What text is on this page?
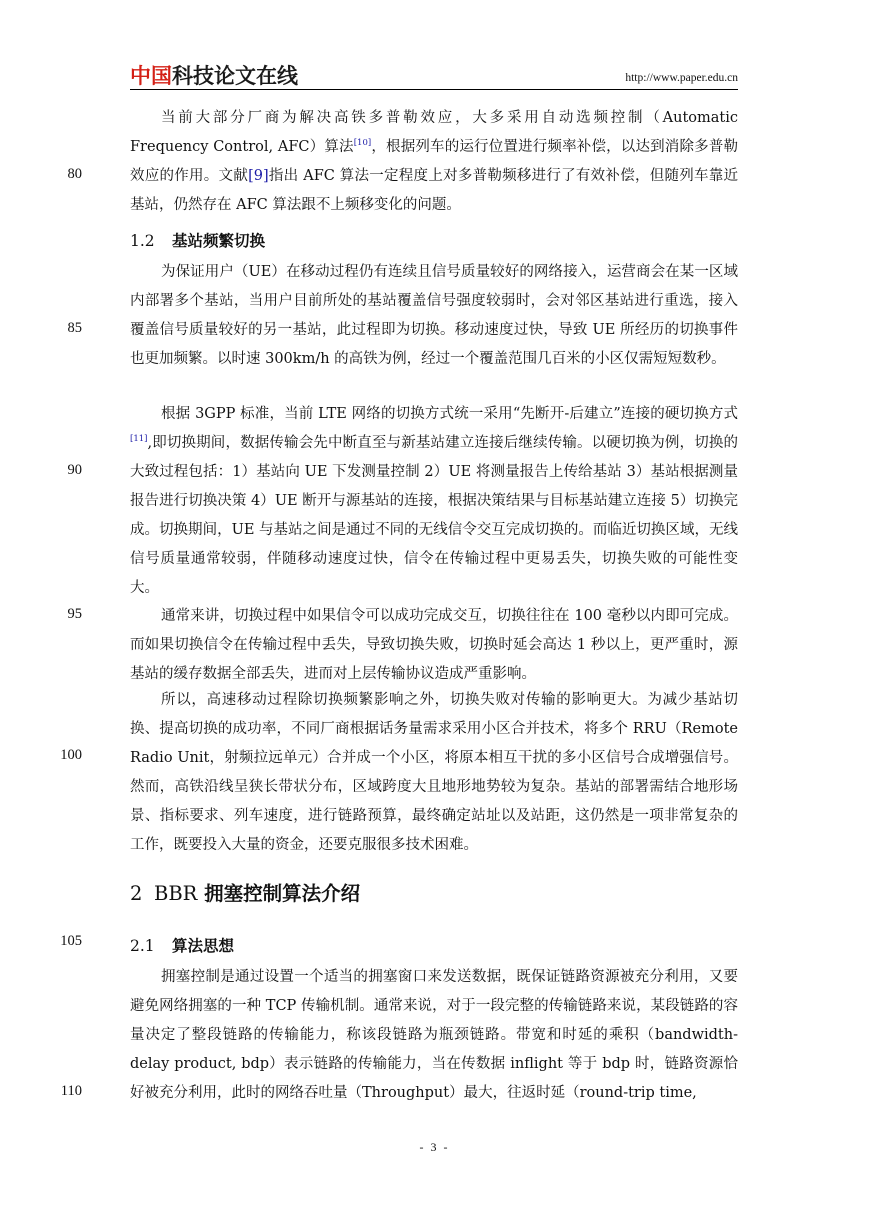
中国科技论文在线	http://www.paper.edu.cn

当前大部分厂商为解决高铁多普勒效应，大多采用自动选频控制（Automatic Frequency Control, AFC）算法[10]，根据列车的运行位置进行频率补偿，以达到消除多普勒效应的作用。文献[9]指出 AFC 算法一定程度上对多普勒频移进行了有效补偿，但随列车靠近基站，仍然存在 AFC 算法跟不上频移变化的问题。

1.2 基站频繁切换

为保证用户（UE）在移动过程仍有连续且信号质量较好的网络接入，运营商会在某一区域内部署多个基站，当用户目前所处的基站覆盖信号强度较弱时，会对邻区基站进行重选，接入覆盖信号质量较好的另一基站，此过程即为切换。移动速度过快，导致 UE 所经历的切换事件也更加频繁。以时速 300km/h 的高铁为例，经过一个覆盖范围几百米的小区仅需短短数秒。

根据 3GPP 标准，当前 LTE 网络的切换方式统一采用“先断开-后建立”连接的硬切换方式[11],即切换期间，数据传输会先中断直至与新基站建立连接后继续传输。以硬切换为例，切换的大致过程包括：1）基站向 UE 下发测量控制 2）UE 将测量报告上传给基站 3）基站根据测量报告进行切换决策 4）UE 断开与源基站的连接，根据决策结果与目标基站建立连接 5）切换完成。切换期间，UE 与基站之间是通过不同的无线信令交互完成切换的。而临近切换区域，无线信号质量通常较弱，伴随移动速度过快，信令在传输过程中更易丢失，切换失败的可能性变大。

通常来讲，切换过程中如果信令可以成功完成交互，切换往往在 100 毫秒以内即可完成。而如果切换信令在传输过程中丢失，导致切换失败，切换时延会高达 1 秒以上，更严重时，源基站的缓存数据全部丢失，进而对上层传输协议造成严重影响。

所以，高速移动过程除切换频繁影响之外，切换失败对传输的影响更大。为减少基站切换、提高切换的成功率，不同厂商根据话务量需求采用小区合并技术，将多个 RRU（Remote Radio Unit，射频拉远单元）合并成一个小区，将原本相互干扰的多小区信号合成增强信号。然而，高铁沿线呈狭长带状分布，区域跨度大且地形地势较为复杂。基站的部署需结合地形场景、指标要求、列车速度，进行链路预算，最终确定站址以及站距，这仍然是一项非常复杂的工作，既要投入大量的资金，还要克服很多技术困难。

2 BBR 拥塞控制算法介绍
2.1 算法思想

拥塞控制是通过设置一个适当的拥塞窗口来发送数据，既保证链路资源被充分利用，又要避免网络拥塞的一种 TCP 传输机制。通常来说，对于一段完整的传输链路来说，某段链路的容量决定了整段链路的传输能力，称该段链路为瓶颈链路。带宽和时延的乘积（bandwidth-delay product, bdp）表示链路的传输能力，当在传数据 inflight 等于 bdp 时，链路资源恰好被充分利用，此时的网络吞吐量（Throughput）最大，往返时延（round-trip time,

80
85
90
95
100
105
110
- 3 -
